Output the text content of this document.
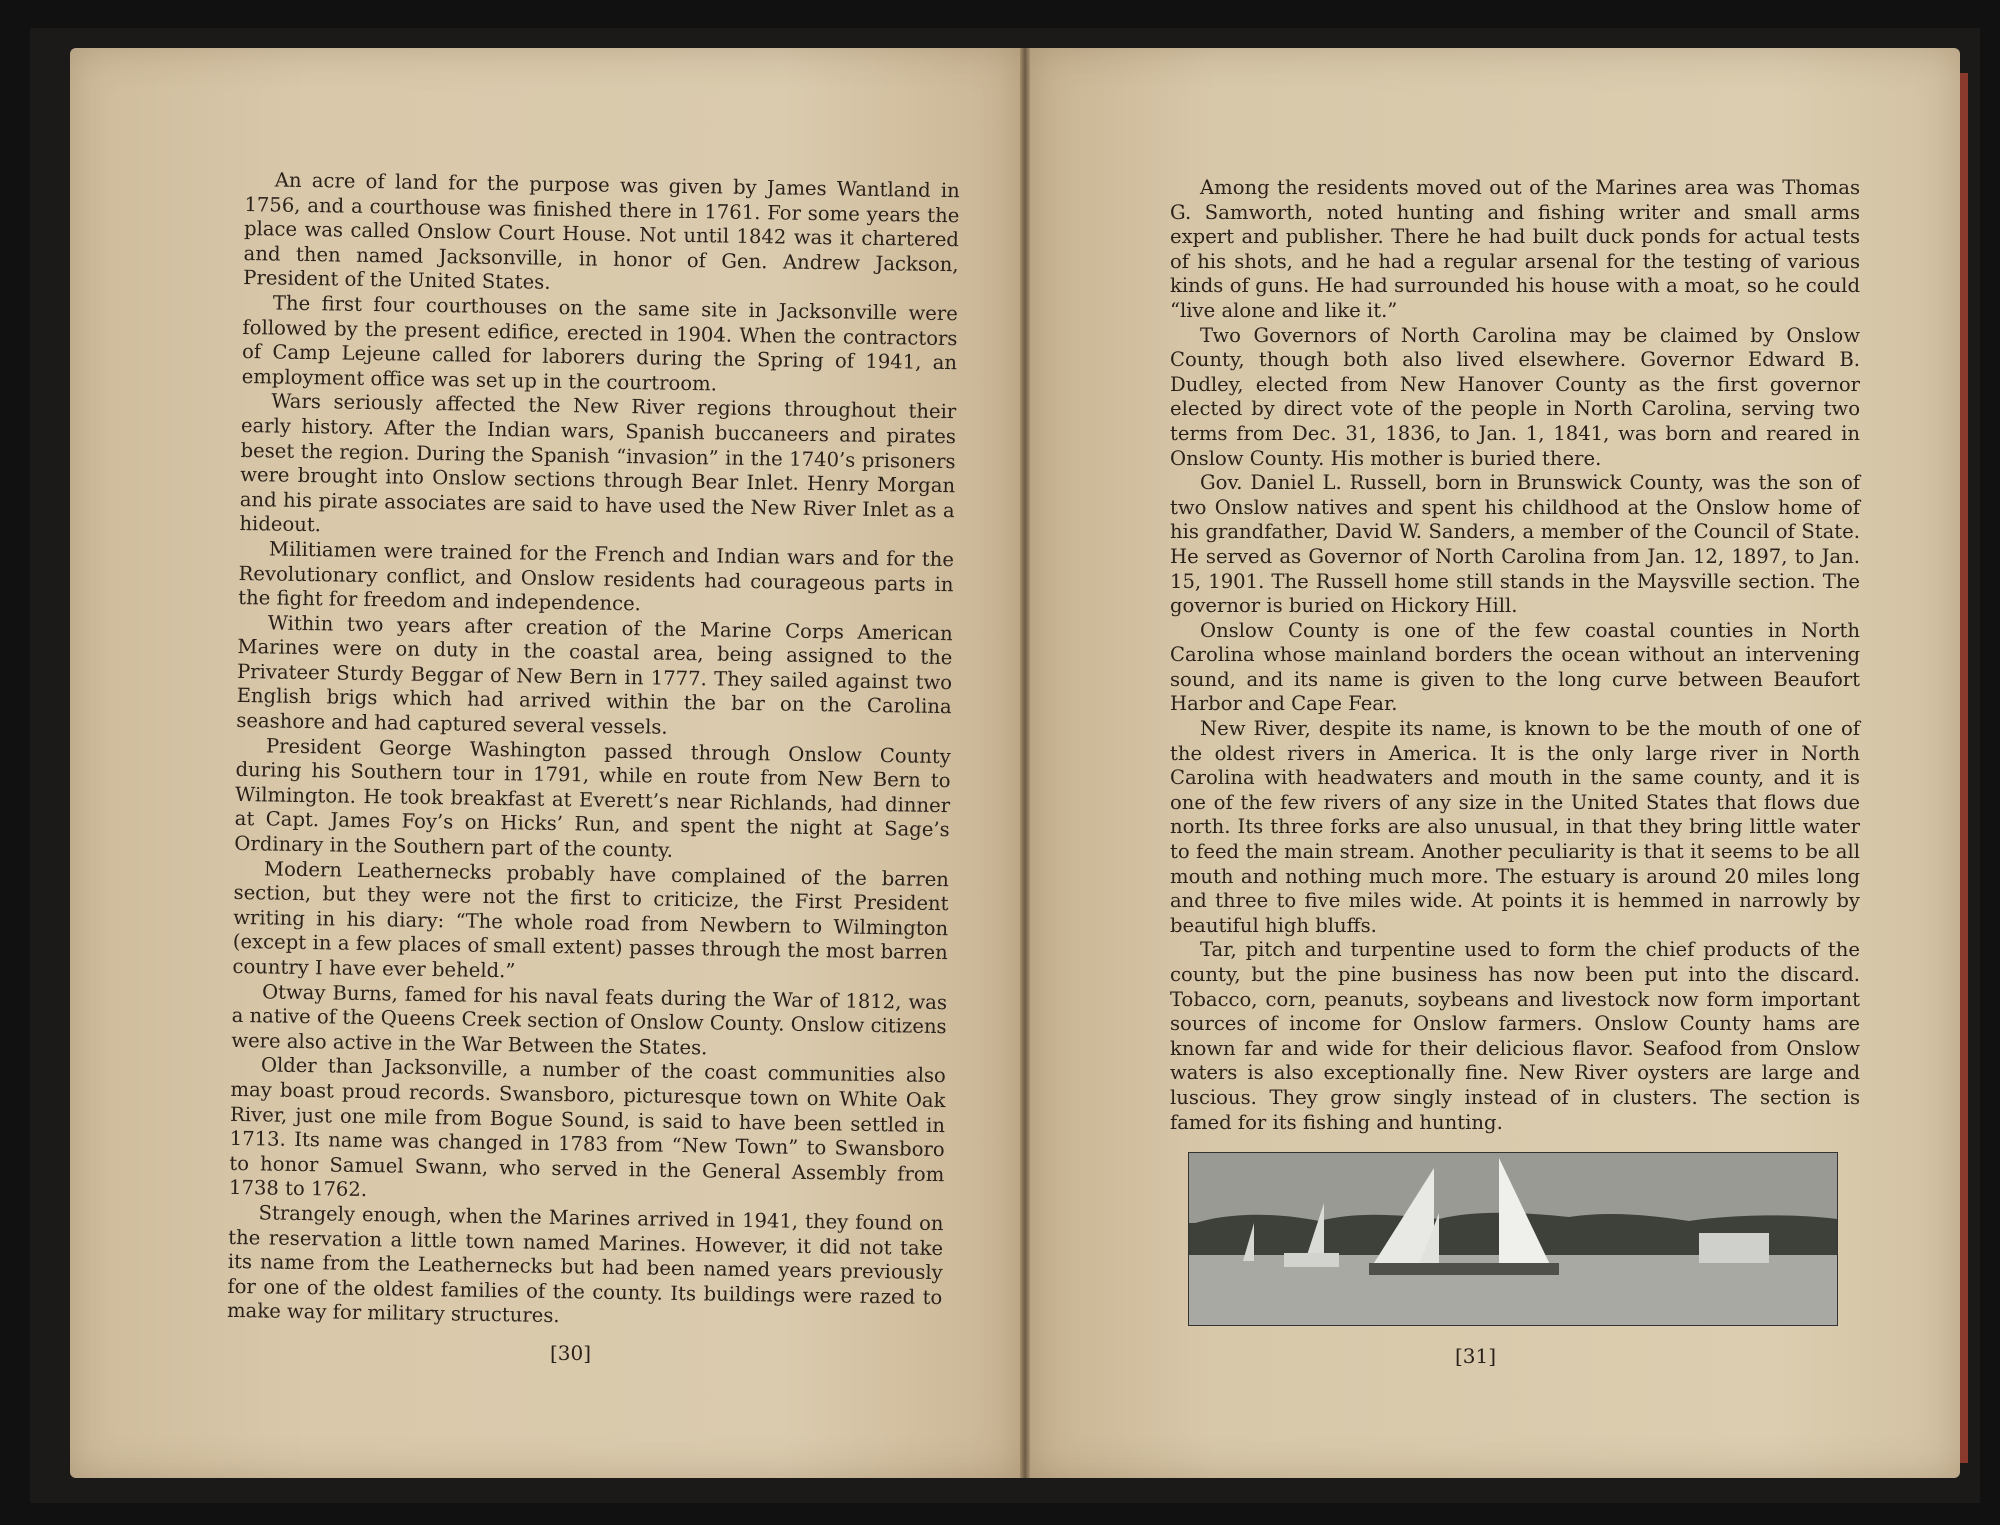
An acre of land for the purpose was given by James Wantland in 1756, and a courthouse was finished there in 1761. For some years the place was called Onslow Court House. Not until 1842 was it chartered and then named Jacksonville, in honor of Gen. Andrew Jackson, President of the United States.

The first four courthouses on the same site in Jacksonville were followed by the present edifice, erected in 1904. When the contractors of Camp Lejeune called for laborers during the Spring of 1941, an employment office was set up in the courtroom.

Wars seriously affected the New River regions throughout their early history. After the Indian wars, Spanish buccaneers and pirates beset the region. During the Spanish “invasion” in the 1740’s prisoners were brought into Onslow sections through Bear Inlet. Henry Morgan and his pirate associates are said to have used the New River Inlet as a hideout.

Militiamen were trained for the French and Indian wars and for the Revolutionary conflict, and Onslow residents had courageous parts in the fight for freedom and independence.

Within two years after creation of the Marine Corps American Marines were on duty in the coastal area, being assigned to the Privateer Sturdy Beggar of New Bern in 1777. They sailed against two English brigs which had arrived within the bar on the Carolina seashore and had captured several vessels.

President George Washington passed through Onslow County during his Southern tour in 1791, while en route from New Bern to Wilmington. He took breakfast at Everett’s near Richlands, had dinner at Capt. James Foy’s on Hicks’ Run, and spent the night at Sage’s Ordinary in the Southern part of the county.

Modern Leathernecks probably have complained of the barren section, but they were not the first to criticize, the First President writing in his diary: “The whole road from Newbern to Wilmington (except in a few places of small extent) passes through the most barren country I have ever beheld.”

Otway Burns, famed for his naval feats during the War of 1812, was a native of the Queens Creek section of Onslow County. Onslow citizens were also active in the War Between the States.

Older than Jacksonville, a number of the coast communities also may boast proud records. Swansboro, picturesque town on White Oak River, just one mile from Bogue Sound, is said to have been settled in 1713. Its name was changed in 1783 from “New Town” to Swansboro to honor Samuel Swann, who served in the General Assembly from 1738 to 1762.

Strangely enough, when the Marines arrived in 1941, they found on the reservation a little town named Marines. However, it did not take its name from the Leathernecks but had been named years previously for one of the oldest families of the county. Its buildings were razed to make way for military structures.

[30]

Among the residents moved out of the Marines area was Thomas G. Samworth, noted hunting and fishing writer and small arms expert and publisher. There he had built duck ponds for actual tests of his shots, and he had a regular arsenal for the testing of various kinds of guns. He had surrounded his house with a moat, so he could “live alone and like it.”

Two Governors of North Carolina may be claimed by Onslow County, though both also lived elsewhere. Governor Edward B. Dudley, elected from New Hanover County as the first governor elected by direct vote of the people in North Carolina, serving two terms from Dec. 31, 1836, to Jan. 1, 1841, was born and reared in Onslow County. His mother is buried there.

Gov. Daniel L. Russell, born in Brunswick County, was the son of two Onslow natives and spent his childhood at the Onslow home of his grandfather, David W. Sanders, a member of the Council of State. He served as Governor of North Carolina from Jan. 12, 1897, to Jan. 15, 1901. The Russell home still stands in the Maysville section. The governor is buried on Hickory Hill.

Onslow County is one of the few coastal counties in North Carolina whose mainland borders the ocean without an intervening sound, and its name is given to the long curve between Beaufort Harbor and Cape Fear.

New River, despite its name, is known to be the mouth of one of the oldest rivers in America. It is the only large river in North Carolina with headwaters and mouth in the same county, and it is one of the few rivers of any size in the United States that flows due north. Its three forks are also unusual, in that they bring little water to feed the main stream. Another peculiarity is that it seems to be all mouth and nothing much more. The estuary is around 20 miles long and three to five miles wide. At points it is hemmed in narrowly by beautiful high bluffs.

Tar, pitch and turpentine used to form the chief products of the county, but the pine business has now been put into the discard. Tobacco, corn, peanuts, soybeans and livestock now form important sources of income for Onslow farmers. Onslow County hams are known far and wide for their delicious flavor. Seafood from Onslow waters is also exceptionally fine. New River oysters are large and luscious. They grow singly instead of in clusters. The section is famed for its fishing and hunting.

[31]
